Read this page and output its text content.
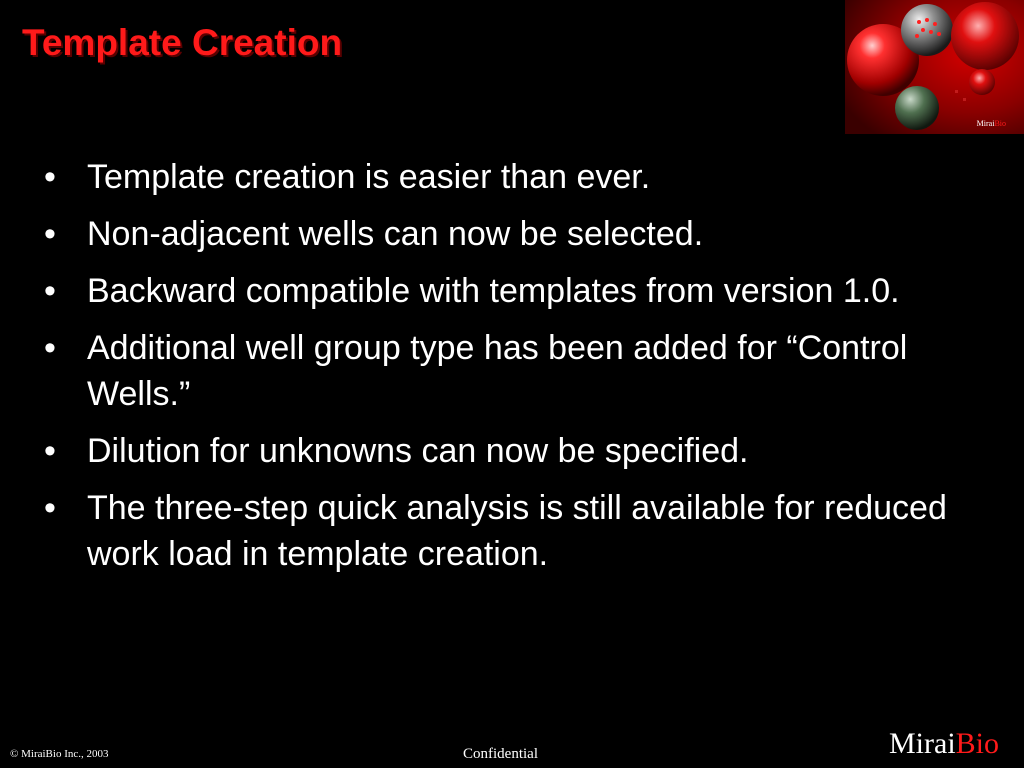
Template Creation
MiraiBio
• Template creation is easier than ever.
• Non-adjacent wells can now be selected.
• Backward compatible with templates from version 1.0.
• Additional well group type has been added for “Control Wells.”
• Dilution for unknowns can now be specified.
• The three-step quick analysis is still available for reduced work load in template creation.
© MiraiBio Inc., 2003	Confidential	MiraiBio
